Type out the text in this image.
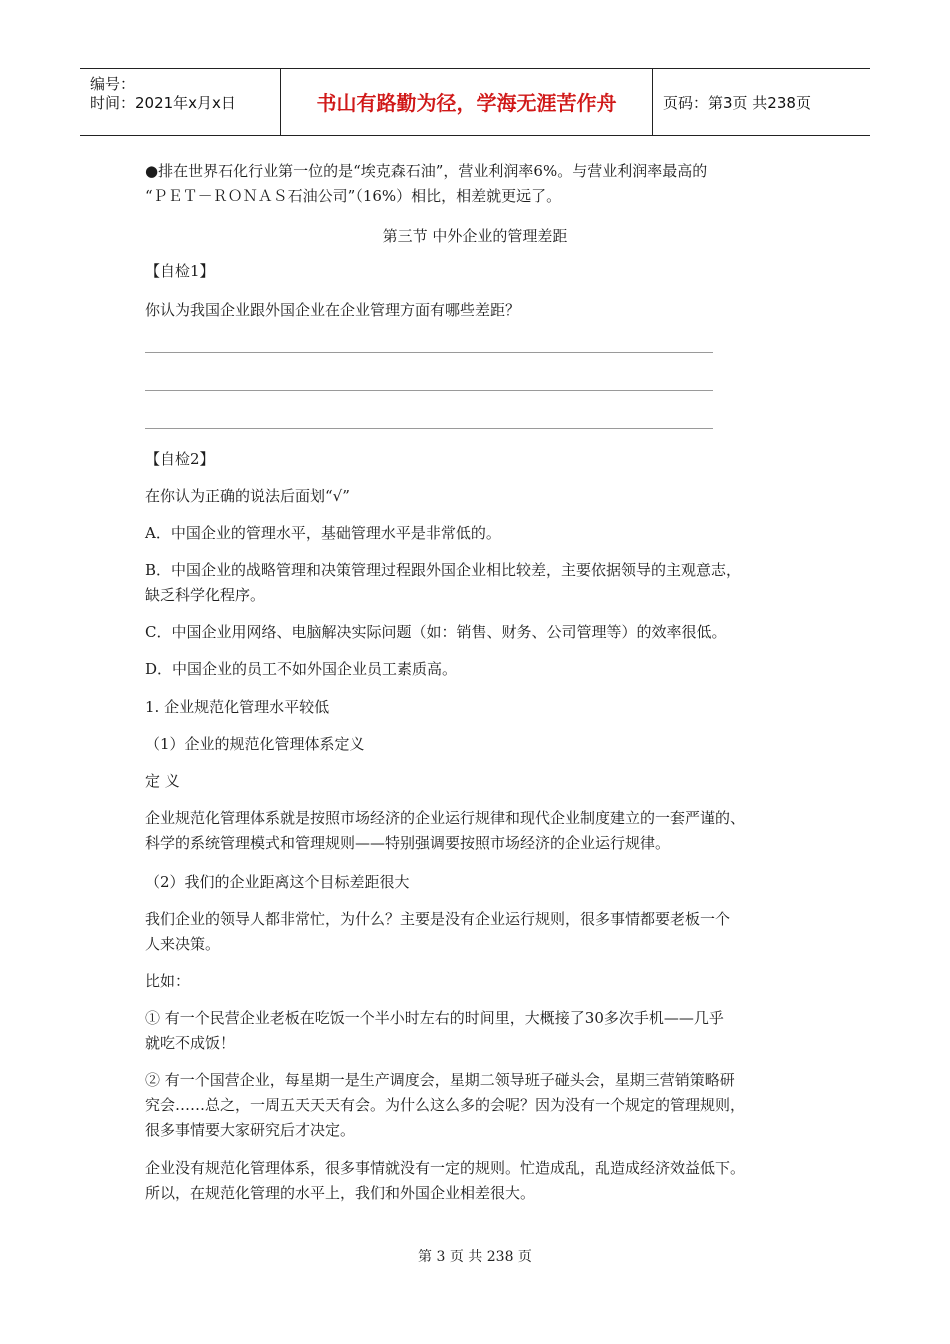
编号：
时间：2021年x月x日	书山有路勤为径，学海无涯苦作舟	页码：第3页 共238页
●排在世界石化行业第一位的是“埃克森石油”，营业利润率6%。与营业利润率最高的
“ＰＥＴ－ＲＯＮＡＳ石油公司”（16%）相比，相差就更远了。
第三节 中外企业的管理差距
【自检1】
你认为我国企业跟外国企业在企业管理方面有哪些差距？
【自检2】
在你认为正确的说法后面划“√”
A．中国企业的管理水平，基础管理水平是非常低的。
B．中国企业的战略管理和决策管理过程跟外国企业相比较差，主要依据领导的主观意志，
缺乏科学化程序。
C．中国企业用网络、电脑解决实际问题（如：销售、财务、公司管理等）的效率很低。
D．中国企业的员工不如外国企业员工素质高。
1. 企业规范化管理水平较低
（1）企业的规范化管理体系定义
定 义
企业规范化管理体系就是按照市场经济的企业运行规律和现代企业制度建立的一套严谨的、
科学的系统管理模式和管理规则——特别强调要按照市场经济的企业运行规律。
（2）我们的企业距离这个目标差距很大
我们企业的领导人都非常忙，为什么？主要是没有企业运行规则，很多事情都要老板一个
人来决策。
比如：
① 有一个民营企业老板在吃饭一个半小时左右的时间里，大概接了30多次手机——几乎
就吃不成饭！
② 有一个国营企业，每星期一是生产调度会，星期二领导班子碰头会，星期三营销策略研
究会……总之，一周五天天天有会。为什么这么多的会呢？因为没有一个规定的管理规则，
很多事情要大家研究后才决定。
企业没有规范化管理体系，很多事情就没有一定的规则。忙造成乱，乱造成经济效益低下。
所以，在规范化管理的水平上，我们和外国企业相差很大。
第 3 页 共 238 页
